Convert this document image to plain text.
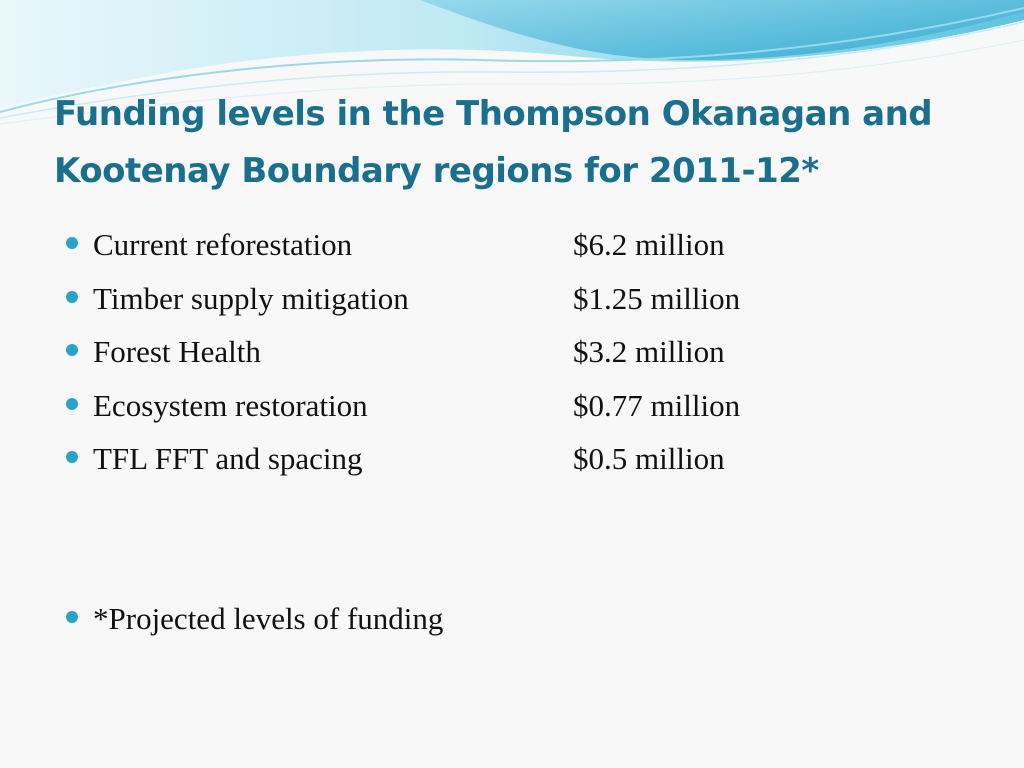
Funding levels in the Thompson Okanagan and Kootenay Boundary regions for 2011-12*
Current reforestation	$6.2 million
Timber supply mitigation	$1.25 million
Forest Health	$3.2 million
Ecosystem restoration	$0.77 million
TFL FFT and spacing	$0.5 million
*Projected levels of funding
